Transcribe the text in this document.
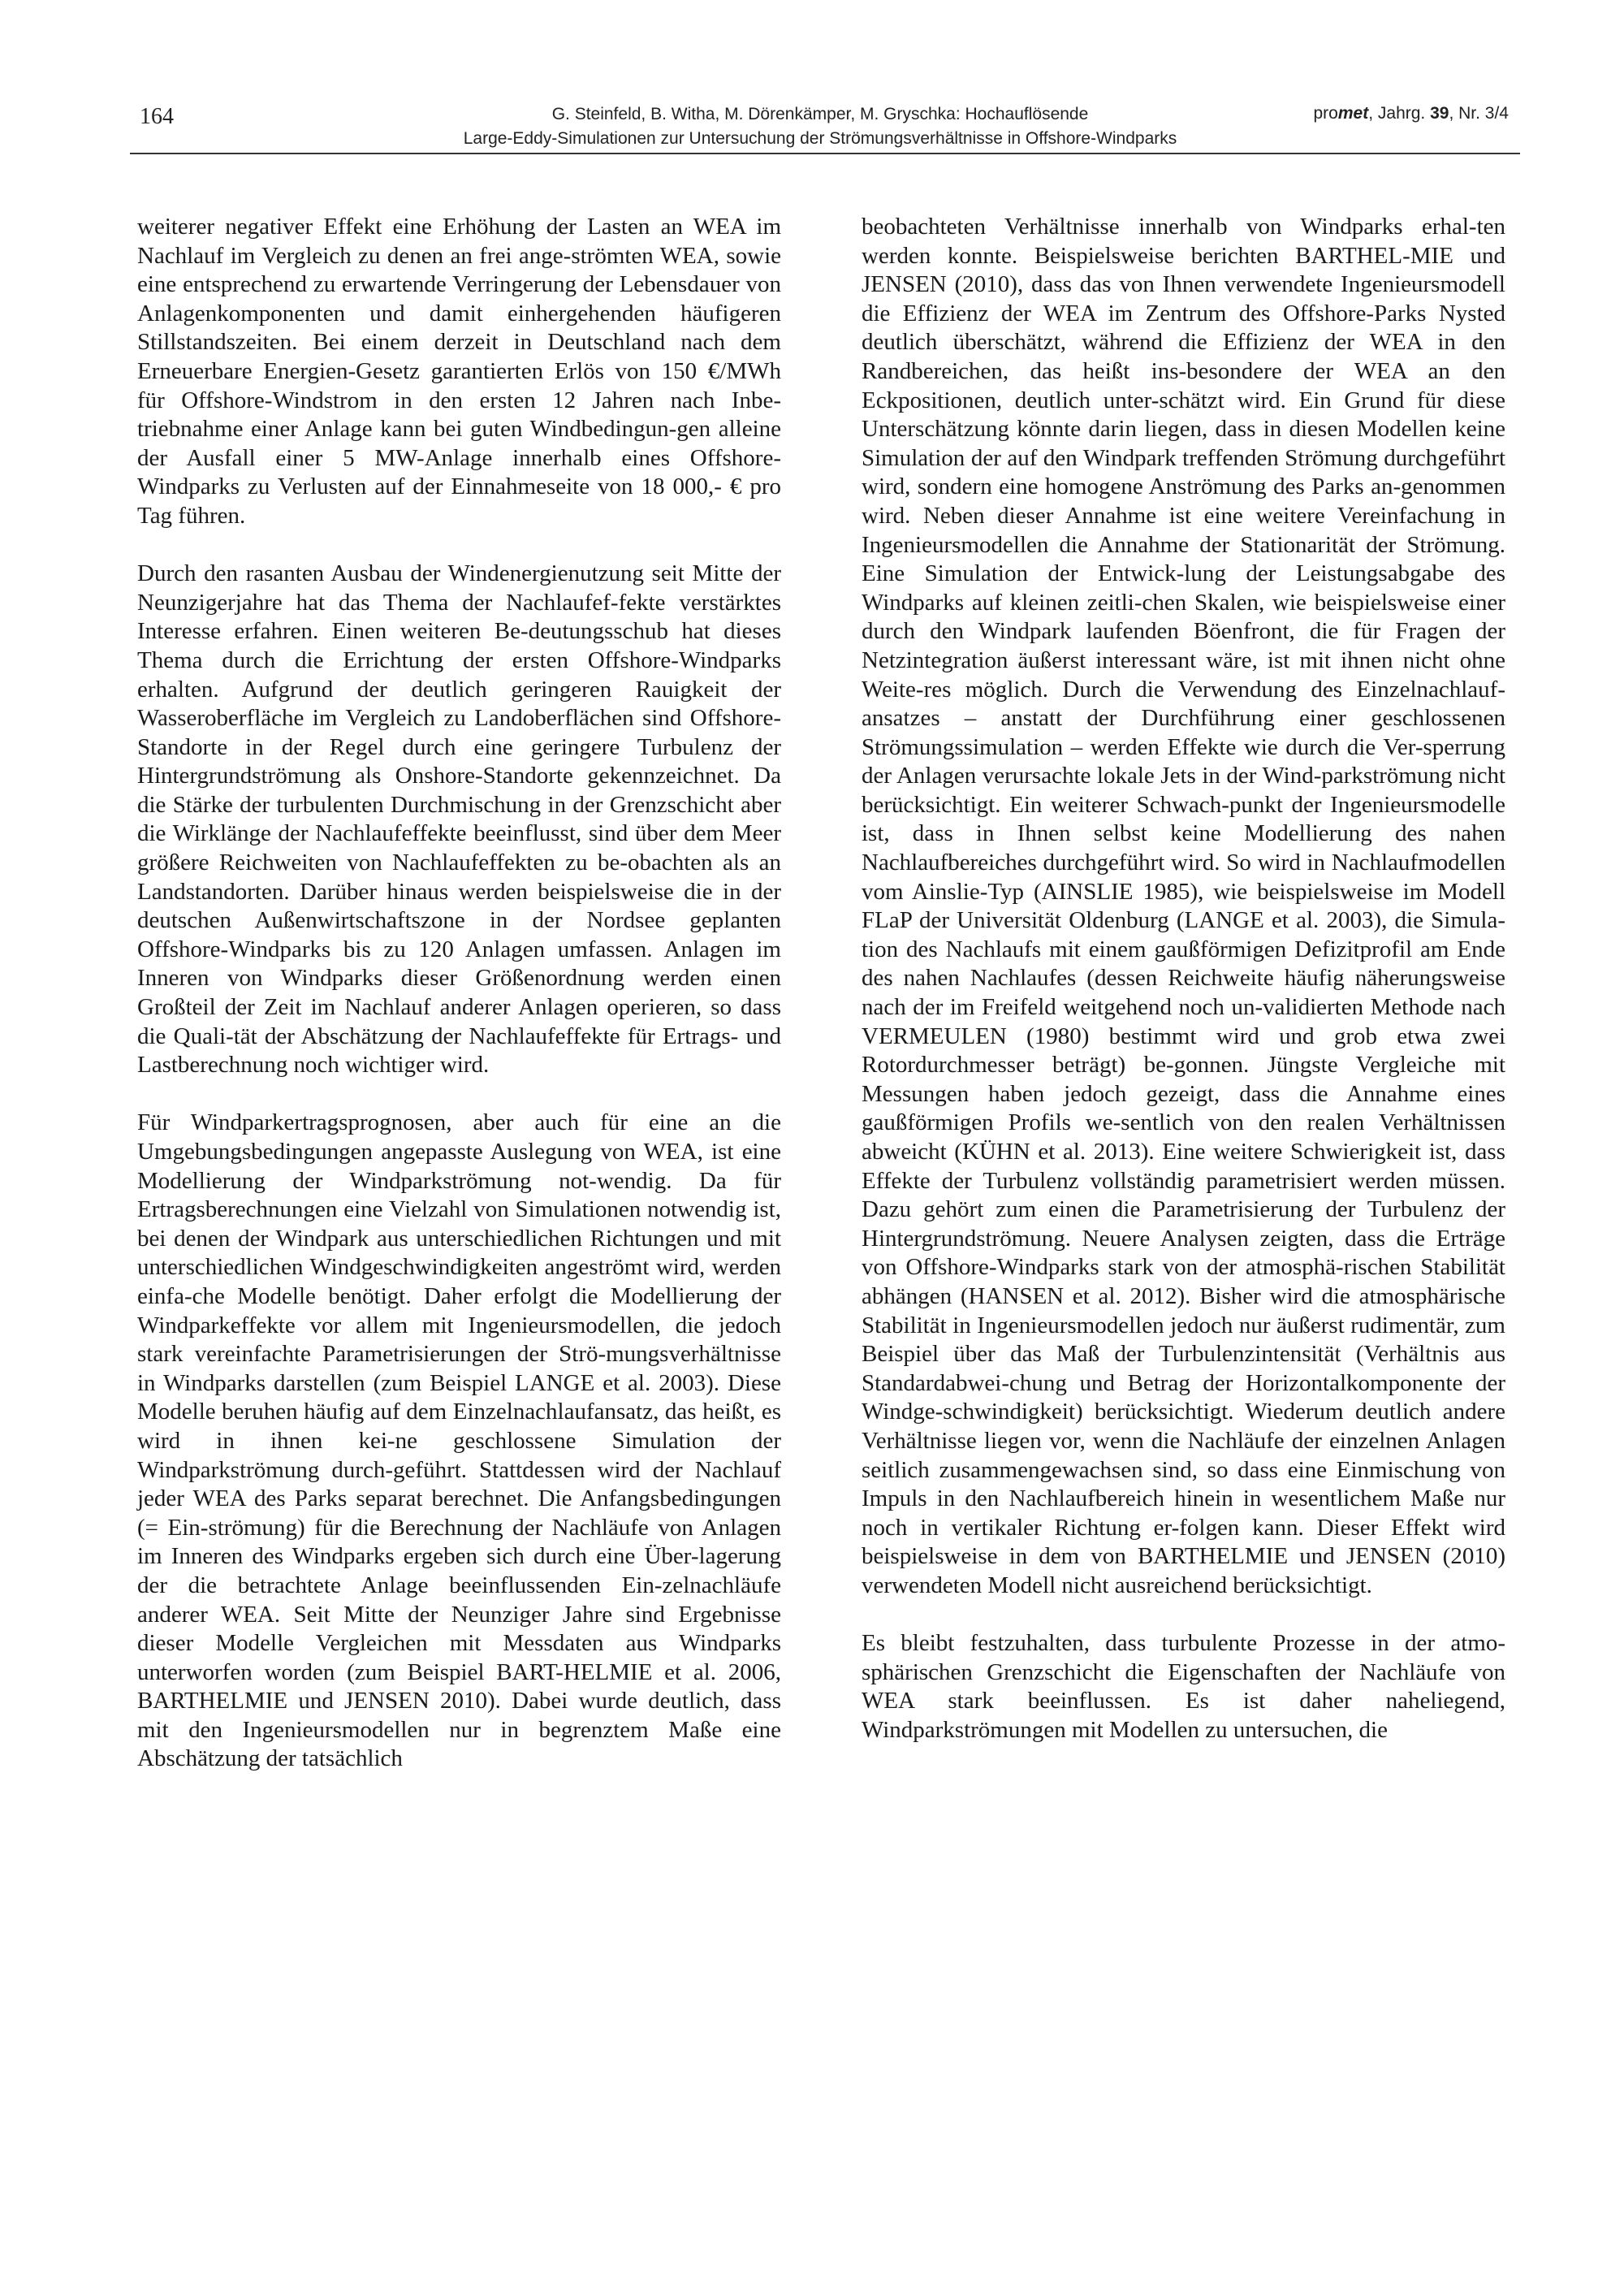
164	G. Steinfeld, B. Witha, M. Dörenkämper, M. Gryschka: Hochauflösende
Large-Eddy-Simulationen zur Untersuchung der Strömungsverhältnisse in Offshore-Windparks
promet, Jahrg. 39, Nr. 3/4

weiterer negativer Effekt eine Erhöhung der Lasten an WEA im Nachlauf im Vergleich zu denen an frei ange-strömten WEA, sowie eine entsprechend zu erwartende Verringerung der Lebensdauer von Anlagenkomponenten und damit einhergehenden häufigeren Stillstandszeiten. Bei einem derzeit in Deutschland nach dem Erneuerbare Energien-Gesetz garantierten Erlös von 150 €/MWh für Offshore-Windstrom in den ersten 12 Jahren nach Inbe-triebnahme einer Anlage kann bei guten Windbedingun-gen alleine der Ausfall einer 5 MW-Anlage innerhalb eines Offshore-Windparks zu Verlusten auf der Einnahmeseite von 18 000,- € pro Tag führen.

Durch den rasanten Ausbau der Windenergienutzung seit Mitte der Neunzigerjahre hat das Thema der Nachlaufef-fekte verstärktes Interesse erfahren. Einen weiteren Be-deutungsschub hat dieses Thema durch die Errichtung der ersten Offshore-Windparks erhalten. Aufgrund der deutlich geringeren Rauigkeit der Wasseroberfläche im Vergleich zu Landoberflächen sind Offshore-Standorte in der Regel durch eine geringere Turbulenz der Hintergrundströmung als Onshore-Standorte gekennzeichnet. Da die Stärke der turbulenten Durchmischung in der Grenzschicht aber die Wirklänge der Nachlaufeffekte beeinflusst, sind über dem Meer größere Reichweiten von Nachlaufeffekten zu be-obachten als an Landstandorten. Darüber hinaus werden beispielsweise die in der deutschen Außenwirtschaftszone in der Nordsee geplanten Offshore-Windparks bis zu 120 Anlagen umfassen. Anlagen im Inneren von Windparks dieser Größenordnung werden einen Großteil der Zeit im Nachlauf anderer Anlagen operieren, so dass die Quali-tät der Abschätzung der Nachlaufeffekte für Ertrags- und Lastberechnung noch wichtiger wird.

Für Windparkertragsprognosen, aber auch für eine an die Umgebungsbedingungen angepasste Auslegung von WEA, ist eine Modellierung der Windparkströmung not-wendig. Da für Ertragsberechnungen eine Vielzahl von Simulationen notwendig ist, bei denen der Windpark aus unterschiedlichen Richtungen und mit unterschiedlichen Windgeschwindigkeiten angeströmt wird, werden einfa-che Modelle benötigt. Daher erfolgt die Modellierung der Windparkeffekte vor allem mit Ingenieursmodellen, die jedoch stark vereinfachte Parametrisierungen der Strö-mungsverhältnisse in Windparks darstellen (zum Beispiel LANGE et al. 2003). Diese Modelle beruhen häufig auf dem Einzelnachlaufansatz, das heißt, es wird in ihnen kei-ne geschlossene Simulation der Windparkströmung durch-geführt. Stattdessen wird der Nachlauf jeder WEA des Parks separat berechnet. Die Anfangsbedingungen (= Ein-strömung) für die Berechnung der Nachläufe von Anlagen im Inneren des Windparks ergeben sich durch eine Über-lagerung der die betrachtete Anlage beeinflussenden Ein-zelnachläufe anderer WEA. Seit Mitte der Neunziger Jahre sind Ergebnisse dieser Modelle Vergleichen mit Messdaten aus Windparks unterworfen worden (zum Beispiel BART-HELMIE et al. 2006, BARTHELMIE und JENSEN 2010). Dabei wurde deutlich, dass mit den Ingenieursmodellen nur in begrenztem Maße eine Abschätzung der tatsächlich

beobachteten Verhältnisse innerhalb von Windparks erhal-ten werden konnte. Beispielsweise berichten BARTHEL-MIE und JENSEN (2010), dass das von Ihnen verwendete Ingenieursmodell die Effizienz der WEA im Zentrum des Offshore-Parks Nysted deutlich überschätzt, während die Effizienz der WEA in den Randbereichen, das heißt ins-besondere der WEA an den Eckpositionen, deutlich unter-schätzt wird. Ein Grund für diese Unterschätzung könnte darin liegen, dass in diesen Modellen keine Simulation der auf den Windpark treffenden Strömung durchgeführt wird, sondern eine homogene Anströmung des Parks an-genommen wird. Neben dieser Annahme ist eine weitere Vereinfachung in Ingenieursmodellen die Annahme der Stationarität der Strömung. Eine Simulation der Entwick-lung der Leistungsabgabe des Windparks auf kleinen zeitli-chen Skalen, wie beispielsweise einer durch den Windpark laufenden Böenfront, die für Fragen der Netzintegration äußerst interessant wäre, ist mit ihnen nicht ohne Weite-res möglich. Durch die Verwendung des Einzelnachlauf-ansatzes – anstatt der Durchführung einer geschlossenen Strömungssimulation – werden Effekte wie durch die Ver-sperrung der Anlagen verursachte lokale Jets in der Wind-parkströmung nicht berücksichtigt. Ein weiterer Schwach-punkt der Ingenieursmodelle ist, dass in Ihnen selbst keine Modellierung des nahen Nachlaufbereiches durchgeführt wird. So wird in Nachlaufmodellen vom Ainslie-Typ (AINSLIE 1985), wie beispielsweise im Modell FLaP der Universität Oldenburg (LANGE et al. 2003), die Simula-tion des Nachlaufs mit einem gaußförmigen Defizitprofil am Ende des nahen Nachlaufes (dessen Reichweite häufig näherungsweise nach der im Freifeld weitgehend noch un-validierten Methode nach VERMEULEN (1980) bestimmt wird und grob etwa zwei Rotordurchmesser beträgt) be-gonnen. Jüngste Vergleiche mit Messungen haben jedoch gezeigt, dass die Annahme eines gaußförmigen Profils we-sentlich von den realen Verhältnissen abweicht (KÜHN et al. 2013). Eine weitere Schwierigkeit ist, dass Effekte der Turbulenz vollständig parametrisiert werden müssen. Dazu gehört zum einen die Parametrisierung der Turbulenz der Hintergrundströmung. Neuere Analysen zeigten, dass die Erträge von Offshore-Windparks stark von der atmosphä-rischen Stabilität abhängen (HANSEN et al. 2012). Bisher wird die atmosphärische Stabilität in Ingenieursmodellen jedoch nur äußerst rudimentär, zum Beispiel über das Maß der Turbulenzintensität (Verhältnis aus Standardabwei-chung und Betrag der Horizontalkomponente der Windge-schwindigkeit) berücksichtigt. Wiederum deutlich andere Verhältnisse liegen vor, wenn die Nachläufe der einzelnen Anlagen seitlich zusammengewachsen sind, so dass eine Einmischung von Impuls in den Nachlaufbereich hinein in wesentlichem Maße nur noch in vertikaler Richtung er-folgen kann. Dieser Effekt wird beispielsweise in dem von BARTHELMIE und JENSEN (2010) verwendeten Modell nicht ausreichend berücksichtigt.

Es bleibt festzuhalten, dass turbulente Prozesse in der atmo-sphärischen Grenzschicht die Eigenschaften der Nachläufe von WEA stark beeinflussen. Es ist daher naheliegend, Windparkströmungen mit Modellen zu untersuchen, die
